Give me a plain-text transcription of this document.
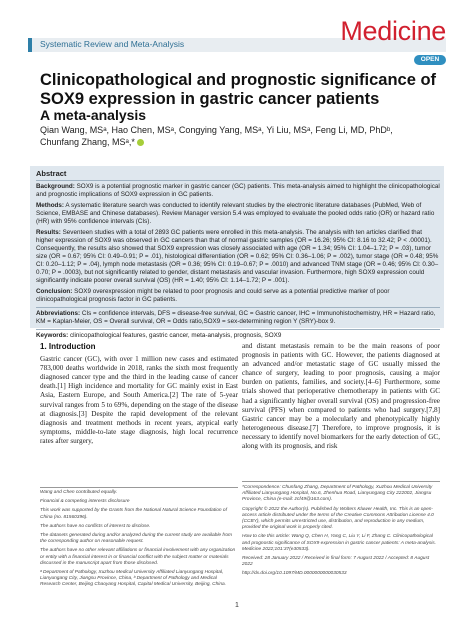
Systematic Review and Meta-Analysis	Medicine
OPEN
Clinicopathological and prognostic significance of SOX9 expression in gastric cancer patients
A meta-analysis
Qian Wang, MSᵃ, Hao Chen, MSᵃ, Congying Yang, MSᵃ, Yi Liu, MSᵃ, Feng Li, MD, PhDᵇ,
Chunfang Zhang, MSᵃ,*
Abstract

Background: SOX9 is a potential prognostic marker in gastric cancer (GC) patients. This meta-analysis aimed to highlight the clinicopathological and prognostic implications of SOX9 expression in GC patients.

Methods: A systematic literature search was conducted to identify relevant studies by the electronic literature databases (PubMed, Web of Science, EMBASE and Chinese databases). Review Manager version 5.4 was employed to evaluate the pooled odds ratio (OR) or hazard ratio (HR) with 95% confidence intervals (CIs).

Results: Seventeen studies with a total of 2893 GC patients were enrolled in this meta-analysis. The analysis with ten articles clarified that higher expression of SOX9 was observed in GC cancers than that of normal gastric samples (OR = 16.26; 95% CI: 8.16 to 32.42; P < .00001). Consequently, the results also showed that SOX9 expression was closely associated with age (OR = 1.34; 95% CI: 1.04–1.72; P = .03), tumor size (OR = 0.67; 95% CI: 0.49–0.91; P = .01), histological differentiation (OR = 0.62; 95% CI: 0.36–1.06; P = .002), tumor stage (OR = 0.48; 95% CI: 0.20–1.12; P = .04), lymph node metastasis (OR = 0.36; 95% CI: 0.19–0.67; P = .0010) and advanced TNM stage (OR = 0.46; 95% CI: 0.30–0.70; P = .0003), but not significantly related to gender, distant metastasis and vascular invasion. Furthermore, high SOX9 expression could significantly indicate poorer overall survival (OS) (HR = 1.40; 95% CI: 1.14–1.72; P = .001).

Conclusion: SOX9 overexpression might be related to poor prognosis and could serve as a potential predictive marker of poor clinicopathological prognosis factor in GC patients.

Abbreviations: CIs = confidence intervals, DFS = disease-free survival, GC = Gastric cancer, IHC = Immunohistochemistry, HR = Hazard ratio, KM = Kaplan-Meier, OS = Overall survival, OR = Odds ratio,SOX9 = sex-determining region Y (SRY)-box 9.

Keywords: clinicopathological features, gastric cancer, meta-analysis, prognosis, SOX9

1. Introduction

Gastric cancer (GC), with over 1 million new cases and estimated 783,000 deaths worldwide in 2018, ranks the sixth most frequently diagnosed cancer type and the third in the leading cause of cancer death.[1] High incidence and mortality for GC mainly exist in East Asia, Eastern Europe, and South America.[2] The rate of 5-year survival ranges from 5 to 69%, depending on the stage of the disease at diagnosis.[3] Despite the rapid development of the relevant diagnosis and treatment methods in recent years, atypical early symptoms, middle-to-late stage diagnosis, high local recurrence rates after surgery,

and distant metastasis remain to be the main reasons of poor prognosis in patients with GC. However, the patients diagnosed at an advanced and/or metastatic stage of GC usually missed the chance of surgery, leading to poor prognosis, causing a major burden on patients, families, and society.[4–6] Furthermore, some trials showed that perioperative chemotherapy in patients with GC had a significantly higher overall survival (OS) and progression-free survival (PFS) when compared to patients who had surgery.[7,8] Gastric cancer may be a molecularly and phenotypically highly heterogeneous disease.[7] Therefore, to improve prognosis, it is necessary to identify novel biomarkers for the early detection of GC, along with its prognosis, and risk

Wang and Chen contributed equally.

Financial & competing interests disclosure

This work was supported by the Grants from the National Natural Science Foundation of China (no. 81560396).

The authors have no conflicts of interest to disclose.

The datasets generated during and/or analyzed during the current study are available from the corresponding author on reasonable request.

The authors have no other relevant affiliations or financial involvement with any organization or entity with a financial interest in or financial conflict with the subject matter or materials discussed in the manuscript apart from those disclosed.

ᵃ Department of Pathology, Xuzhou Medical University Affiliated Lianyungang Hospital, Lianyungang City, Jiangsu Province, China, ᵇ Department of Pathology and Medical Research Center, Beijing Chaoyang Hospital, Capital Medical University, Beijing, China.

*Correspondence: Chunfang Zhang, Department of Pathology, Xuzhou Medical University Affiliated Lianyungang Hospital, No.6, Zhenhua Road, Lianyungang City 222002, Jiangsu Province, China (e-mail: zcf49@163.com).

Copyright © 2022 the Author(s). Published by Wolters Kluwer Health, Inc. This is an open-access article distributed under the terms of the Creative Commons Attribution License 4.0 (CCBY), which permits unrestricted use, distribution, and reproduction in any medium, provided the original work is properly cited.

How to cite this article: Wang Q, Chen H, Yang C, Liu Y, Li F, Zhang C. Clinicopathological and prognostic significance of SOX9 expression in gastric cancer patients: A meta-analysis. Medicine 2022;101:37(e30533).

Received: 28 January 2022 / Received in final form: 7 August 2022 / Accepted: 8 August 2022

http://dx.doi.org/10.1097/MD.0000000000030533

1
